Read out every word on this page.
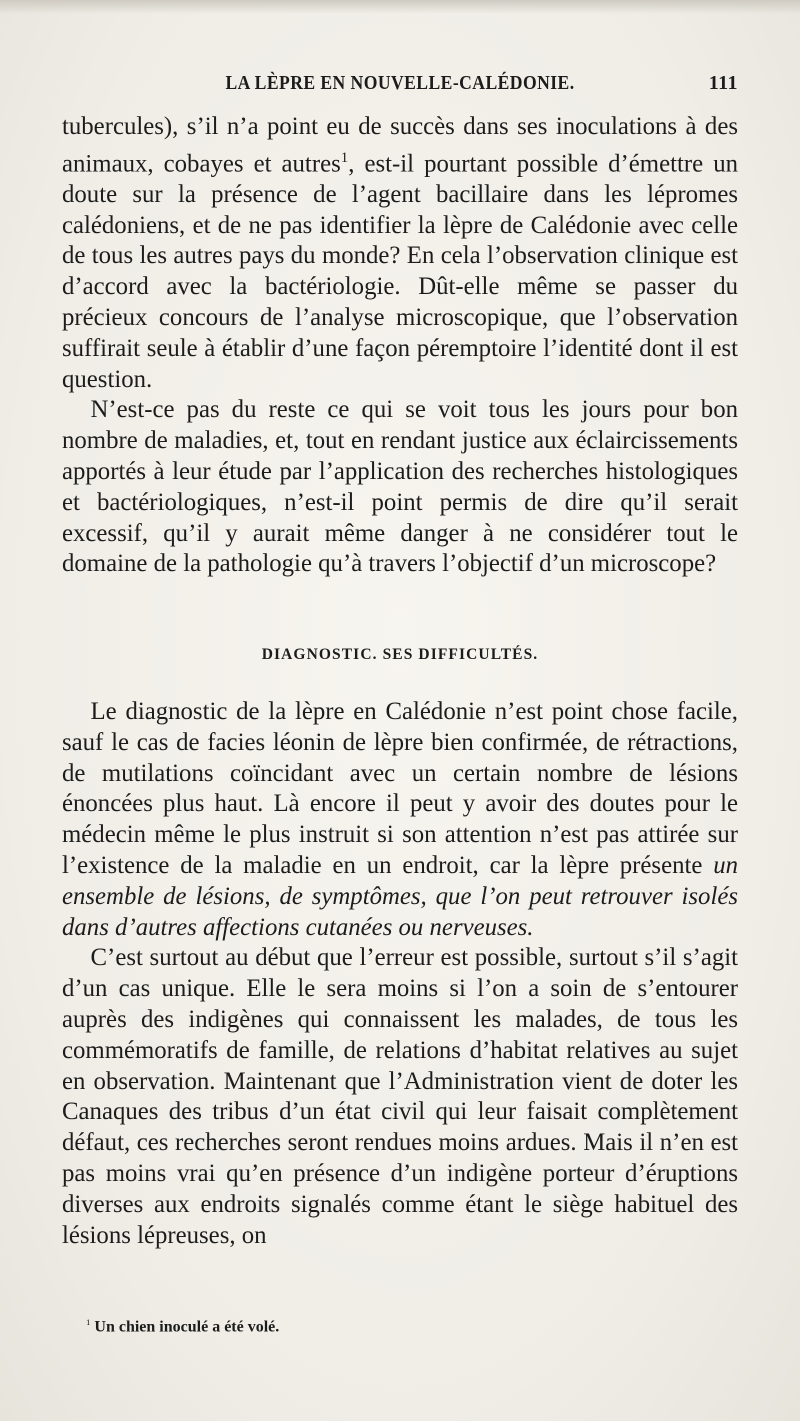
LA LÈPRE EN NOUVELLE-CALÉDONIE.	111

tubercules), s’il n’a point eu de succès dans ses inoculations à des animaux, cobayes et autres$^1$, est-il pourtant possible d’émettre un doute sur la présence de l’agent bacillaire dans les lépromes calédoniens, et de ne pas identifier la lèpre de Calédonie avec celle de tous les autres pays du monde? En cela l’observation clinique est d’accord avec la bactériologie. Dût-elle même se passer du précieux concours de l’analyse microscopique, que l’observation suffirait seule à établir d’une façon péremptoire l’identité dont il est question.

N’est-ce pas du reste ce qui se voit tous les jours pour bon nombre de maladies, et, tout en rendant justice aux éclaircissements apportés à leur étude par l’application des recherches histologiques et bactériologiques, n’est-il point permis de dire qu’il serait excessif, qu’il y aurait même danger à ne considérer tout le domaine de la pathologie qu’à travers l’objectif d’un microscope?

DIAGNOSTIC. SES DIFFICULTÉS.

Le diagnostic de la lèpre en Calédonie n’est point chose facile, sauf le cas de facies léonin de lèpre bien confirmée, de rétractions, de mutilations coïncidant avec un certain nombre de lésions énoncées plus haut. Là encore il peut y avoir des doutes pour le médecin même le plus instruit si son attention n’est pas attirée sur l’existence de la maladie en un endroit, car la lèpre présente un ensemble de lésions, de symptômes, que l’on peut retrouver isolés dans d’autres affections cutanées ou nerveuses.

C’est surtout au début que l’erreur est possible, surtout s’il s’agit d’un cas unique. Elle le sera moins si l’on a soin de s’entourer auprès des indigènes qui connaissent les malades, de tous les commémoratifs de famille, de relations d’habitat relatives au sujet en observation. Maintenant que l’Administration vient de doter les Canaques des tribus d’un état civil qui leur faisait complètement défaut, ces recherches seront rendues moins ardues. Mais il n’en est pas moins vrai qu’en présence d’un indigène porteur d’éruptions diverses aux endroits signalés comme étant le siège habituel des lésions lépreuses, on

$^1$ Un chien inoculé a été volé.
